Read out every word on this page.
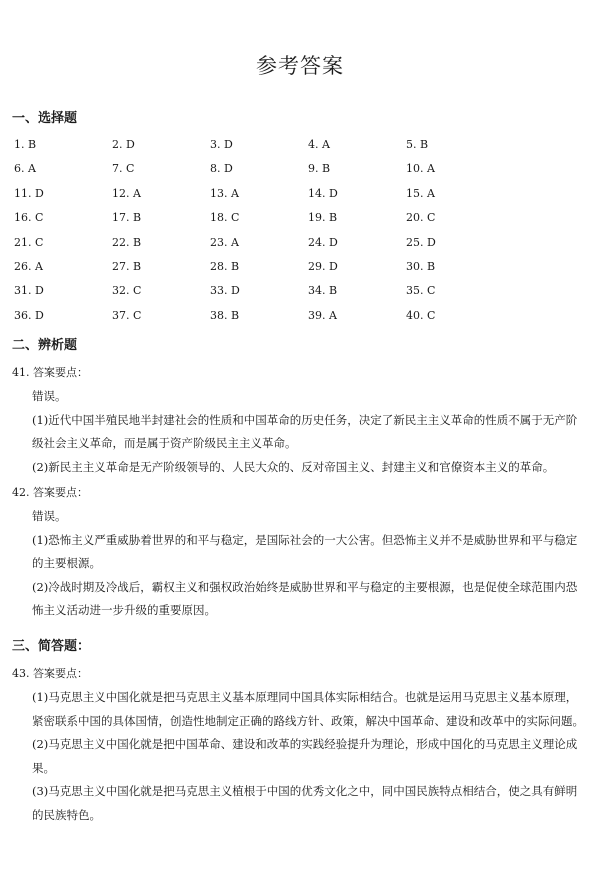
参考答案
一、选择题
1. B	2. D	3. D	4. A	5. B
6. A	7. C	8. D	9. B	10. A
11. D	12. A	13. A	14. D	15. A
16. C	17. B	18. C	19. B	20. C
21. C	22. B	23. A	24. D	25. D
26. A	27. B	28. B	29. D	30. B
31. D	32. C	33. D	34. B	35. C
36. D	37. C	38. B	39. A	40. C
二、辨析题
41. 答案要点：

错误。

(1)近代中国半殖民地半封建社会的性质和中国革命的历史任务，决定了新民主主义革命的性质不属于无产阶级社会主义革命，而是属于资产阶级民主主义革命。

(2)新民主主义革命是无产阶级领导的、人民大众的、反对帝国主义、封建主义和官僚资本主义的革命。

42. 答案要点：

错误。

(1)恐怖主义严重威胁着世界的和平与稳定，是国际社会的一大公害。但恐怖主义并不是威胁世界和平与稳定的主要根源。

(2)冷战时期及冷战后，霸权主义和强权政治始终是威胁世界和平与稳定的主要根源，也是促使全球范围内恐怖主义活动进一步升级的重要原因。

三、简答题：
43. 答案要点：

(1)马克思主义中国化就是把马克思主义基本原理同中国具体实际相结合。也就是运用马克思主义基本原理，紧密联系中国的具体国情，创造性地制定正确的路线方针、政策，解决中国革命、建设和改革中的实际问题。

(2)马克思主义中国化就是把中国革命、建设和改革的实践经验提升为理论，形成中国化的马克思主义理论成果。

(3)马克思主义中国化就是把马克思主义植根于中国的优秀文化之中，同中国民族特点相结合，使之具有鲜明的民族特色。
